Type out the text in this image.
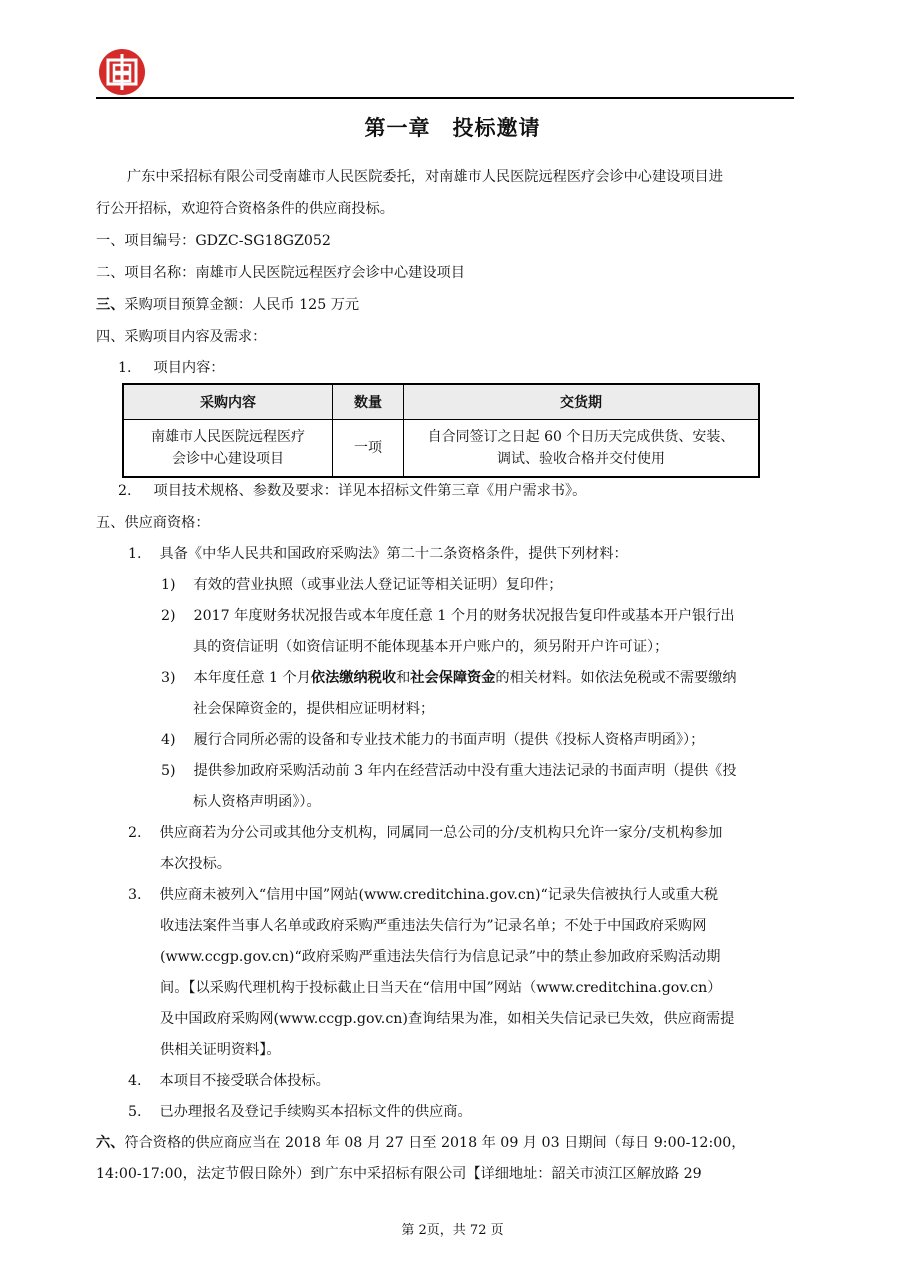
第一章　投标邀请
广东中采招标有限公司受南雄市人民医院委托，对南雄市人民医院远程医疗会诊中心建设项目进
行公开招标，欢迎符合资格条件的供应商投标。
一、项目编号：GDZC-SG18GZ052
二、项目名称：南雄市人民医院远程医疗会诊中心建设项目
三、采购项目预算金额：人民币 125 万元
四、采购项目内容及需求：
1. 项目内容：
采购内容	数量	交货期
南雄市人民医院远程医疗
会诊中心建设项目	一项	自合同签订之日起 60 个日历天完成供货、安装、
调试、验收合格并交付使用
2. 项目技术规格、参数及要求：详见本招标文件第三章《用户需求书》。
五、供应商资格：
1. 具备《中华人民共和国政府采购法》第二十二条资格条件，提供下列材料：
1) 有效的营业执照（或事业法人登记证等相关证明）复印件；
2) 2017 年度财务状况报告或本年度任意 1 个月的财务状况报告复印件或基本开户银行出
具的资信证明（如资信证明不能体现基本开户账户的，须另附开户许可证）；
3) 本年度任意 1 个月依法缴纳税收和社会保障资金的相关材料。如依法免税或不需要缴纳
社会保障资金的，提供相应证明材料；
4) 履行合同所必需的设备和专业技术能力的书面声明（提供《投标人资格声明函》）；
5) 提供参加政府采购活动前 3 年内在经营活动中没有重大违法记录的书面声明（提供《投
标人资格声明函》）。
2. 供应商若为分公司或其他分支机构，同属同一总公司的分/支机构只允许一家分/支机构参加
本次投标。
3. 供应商未被列入“信用中国”网站(www.creditchina.gov.cn)“记录失信被执行人或重大税
收违法案件当事人名单或政府采购严重违法失信行为”记录名单；不处于中国政府采购网
(www.ccgp.gov.cn)“政府采购严重违法失信行为信息记录”中的禁止参加政府采购活动期
间。【以采购代理机构于投标截止日当天在“信用中国”网站（www.creditchina.gov.cn）
及中国政府采购网(www.ccgp.gov.cn)查询结果为准，如相关失信记录已失效，供应商需提
供相关证明资料】。
4. 本项目不接受联合体投标。
5. 已办理报名及登记手续购买本招标文件的供应商。
六、符合资格的供应商应当在 2018 年 08 月 27 日至 2018 年 09 月 03 日期间（每日 9:00-12:00，
14:00-17:00，法定节假日除外）到广东中采招标有限公司【详细地址：韶关市浈江区解放路 29
第 2页，共 72 页
